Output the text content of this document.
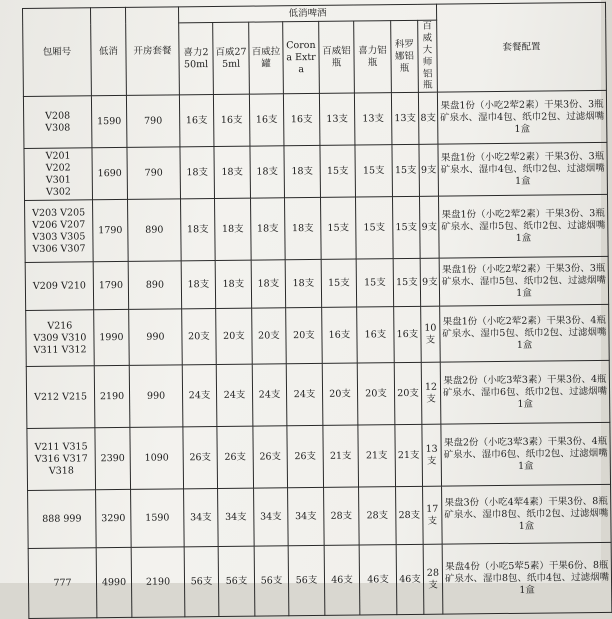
包厢号	低消	开房套餐	低消啤酒								套餐配置
			喜力250ml	百威275ml	百威拉罐	Corona Extra	百威铝瓶	喜力铝瓶	科罗娜铝瓶	百威大师铝瓶	

V208
V308	1590	790	16支	16支	16支	16支	13支	13支	13支	8支	果盘1份（小吃2荤2素）干果3份、3瓶矿泉水、湿巾4包、纸巾2包、过滤烟嘴1盒

V201
V202
V301
V302	1690	790	18支	18支	18支	18支	15支	15支	15支	9支	果盘1份（小吃2荤2素）干果3份、3瓶矿泉水、湿巾4包、纸巾2包、过滤烟嘴1盒

V203 V205
V206 V207
V303 V305
V306 V307	1790	890	18支	18支	18支	18支	15支	15支	15支	9支	果盘1份（小吃2荤2素）干果3份、3瓶矿泉水、湿巾5包、纸巾2包、过滤烟嘴1盒

V209 V210	1790	890	18支	18支	18支	18支	15支	15支	15支	9支	果盘1份（小吃2荤2素）干果3份、3瓶矿泉水、湿巾5包、纸巾2包、过滤烟嘴1盒

V216
V309 V310
V311 V312	1990	990	20支	20支	20支	20支	16支	16支	16支	10支	果盘1份（小吃2荤2素）干果3份、4瓶矿泉水、湿巾5包、纸巾2包、过滤烟嘴1盒

V212 V215	2190	990	24支	24支	24支	24支	20支	20支	20支	12支	果盘2份（小吃3荤3素）干果3份、4瓶矿泉水、湿巾6包、纸巾2包、过滤烟嘴1盒

V211 V315
V316 V317
V318	2390	1090	26支	26支	26支	26支	21支	21支	21支	13支	果盘2份（小吃3荤3素）干果3份、4瓶矿泉水、湿巾6包、纸巾2包、过滤烟嘴1盒

888 999	3290	1590	34支	34支	34支	34支	28支	28支	28支	17支	果盘3份（小吃4荤4素）干果3份、8瓶矿泉水、湿巾8包、纸巾2包、过滤烟嘴1盒

777	4990	2190	56支	56支	56支	56支	46支	46支	46支	28支	果盘4份（小吃5荤5素）干果6份、8瓶矿泉水、湿巾8包、纸巾4包、过滤烟嘴1盒
